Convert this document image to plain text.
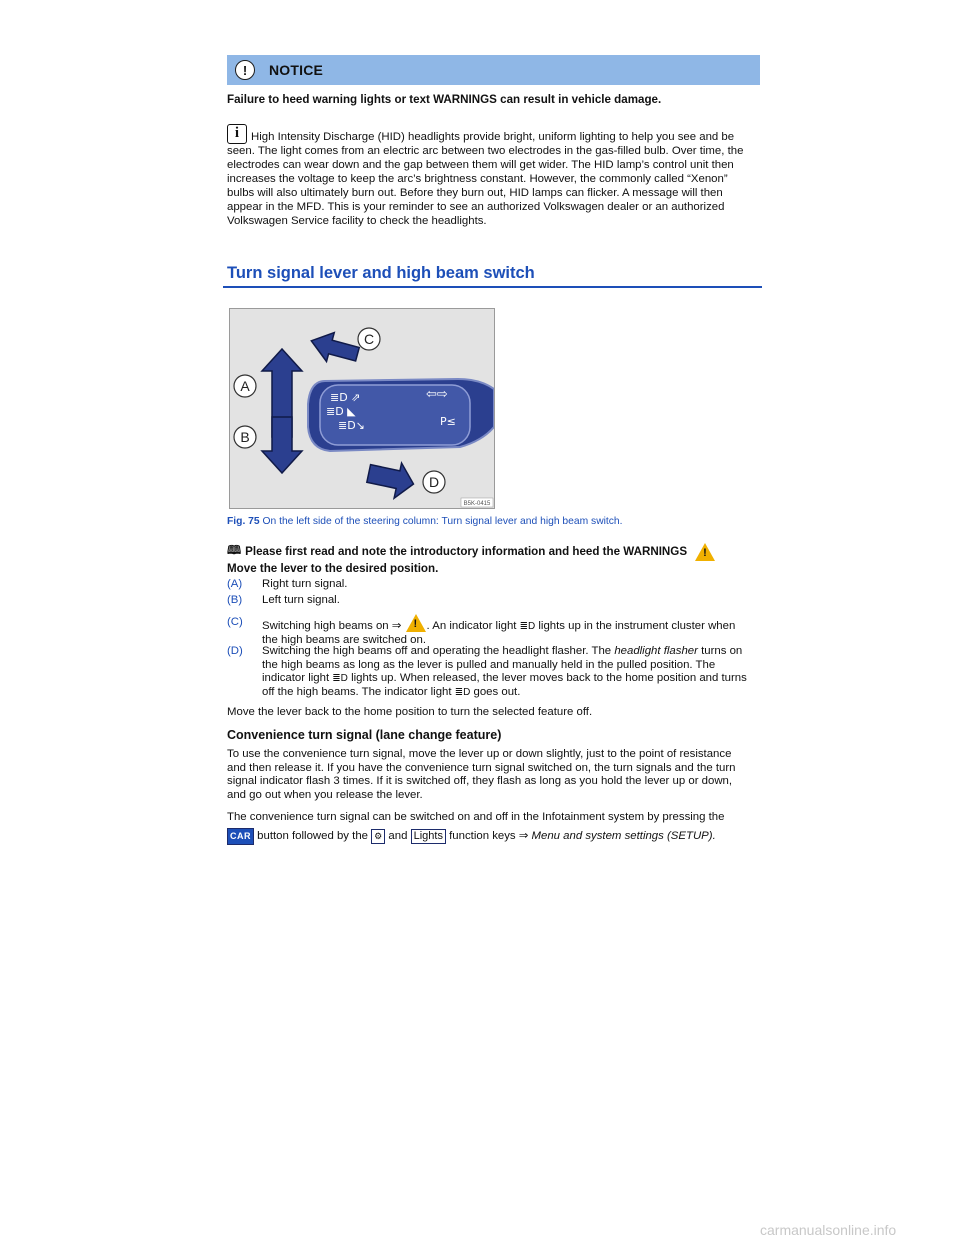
!	NOTICE
Failure to heed warning lights or text WARNINGS can result in vehicle damage.
i	High Intensity Discharge (HID) headlights provide bright, uniform lighting to help you see and be
seen. The light comes from an electric arc between two electrodes in the gas-filled bulb. Over time, the
electrodes can wear down and the gap between them will get wider. The HID lamp’s control unit then
increases the voltage to keep the arc’s brightness constant. However, the commonly called “Xenon”
bulbs will also ultimately burn out. Before they burn out, HID lamps can flicker. A message will then
appear in the MFD. This is your reminder to see an authorized Volkswagen dealer or an authorized
Volkswagen Service facility to check the headlights.
Turn signal lever and high beam switch
≣D ⇗
≣D ◣
≣D↘
⇦⇨
P≤
A
B
C
D
B5K-0415
Fig. 75 On the left side of the steering column: Turn signal lever and high beam switch.
🕮 Please first read and note the introductory information and heed the WARNINGS
!
Move the lever to the desired position.
(A) Right turn signal.
(B) Left turn signal.
(C) Switching high beams on ⇒ ! . An indicator light ≣D lights up in the instrument cluster when
the high beams are switched on.
(D) Switching the high beams off and operating the headlight flasher. The headlight flasher turns on
the high beams as long as the lever is pulled and manually held in the pulled position. The
indicator light ≣D lights up. When released, the lever moves back to the home position and turns
off the high beams. The indicator light ≣D goes out.
Move the lever back to the home position to turn the selected feature off.
Convenience turn signal (lane change feature)
To use the convenience turn signal, move the lever up or down slightly, just to the point of resistance
and then release it. If you have the convenience turn signal switched on, the turn signals and the turn
signal indicator flash 3 times. If it is switched off, they flash as long as you hold the lever up or down,
and go out when you release the lever.
The convenience turn signal can be switched on and off in the Infotainment system by pressing the
CAR button followed by the ⚙ and Lights function keys ⇒ Menu and system settings (SETUP).
carmanualsonline.info
